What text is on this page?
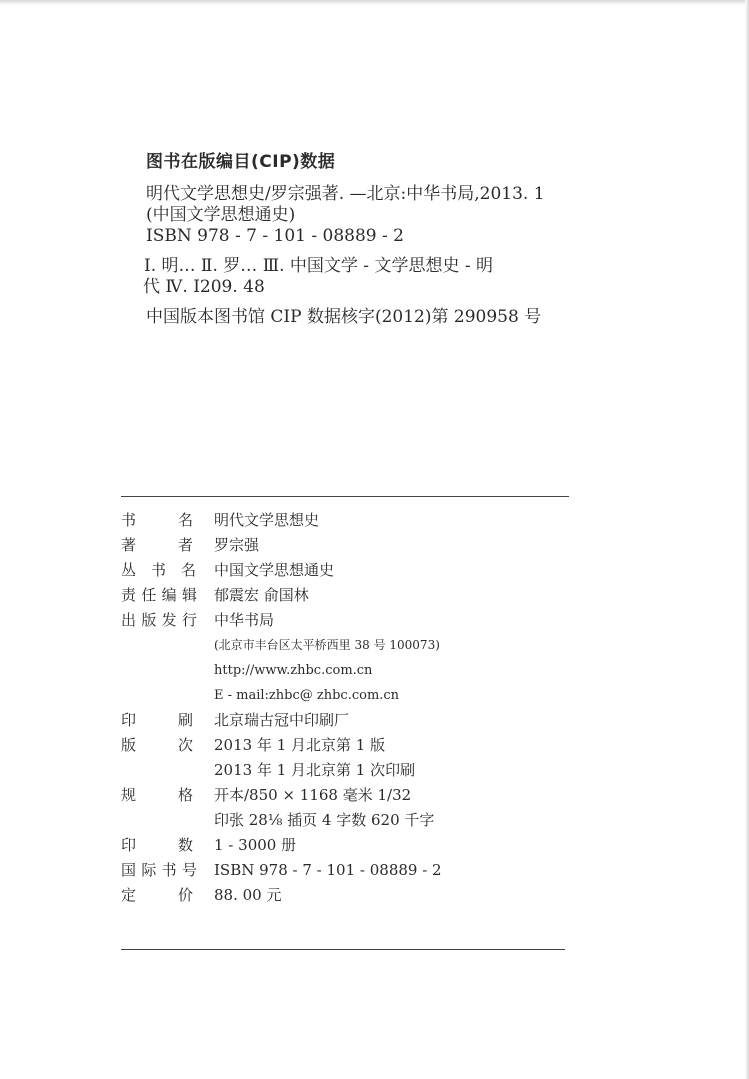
图书在版编目(CIP)数据
明代文学思想史/罗宗强著. —北京:中华书局,2013. 1
(中国文学思想通史)
ISBN 978 - 7 - 101 - 08889 - 2
Ⅰ. 明… Ⅱ. 罗… Ⅲ. 中国文学 - 文学思想史 - 明
代 Ⅳ. I209. 48
中国版本图书馆 CIP 数据核字(2012)第 290958 号
书	名 明代文学思想史
著	者 罗宗强
丛 书 名 中国文学思想通史
责 任 编 辑 郁震宏 俞国林
出 版 发 行 中华书局
(北京市丰台区太平桥西里 38 号 100073)
http://www.zhbc.com.cn
E - mail:zhbc@ zhbc.com.cn
印	刷 北京瑞古冠中印刷厂
版	次 2013 年 1 月北京第 1 版
2013 年 1 月北京第 1 次印刷
规	格 开本/850 × 1168 毫米 1/32
印张 28⅛ 插页 4 字数 620 千字
印	数 1 - 3000 册
国 际 书 号 ISBN 978 - 7 - 101 - 08889 - 2
定	价 88. 00 元
